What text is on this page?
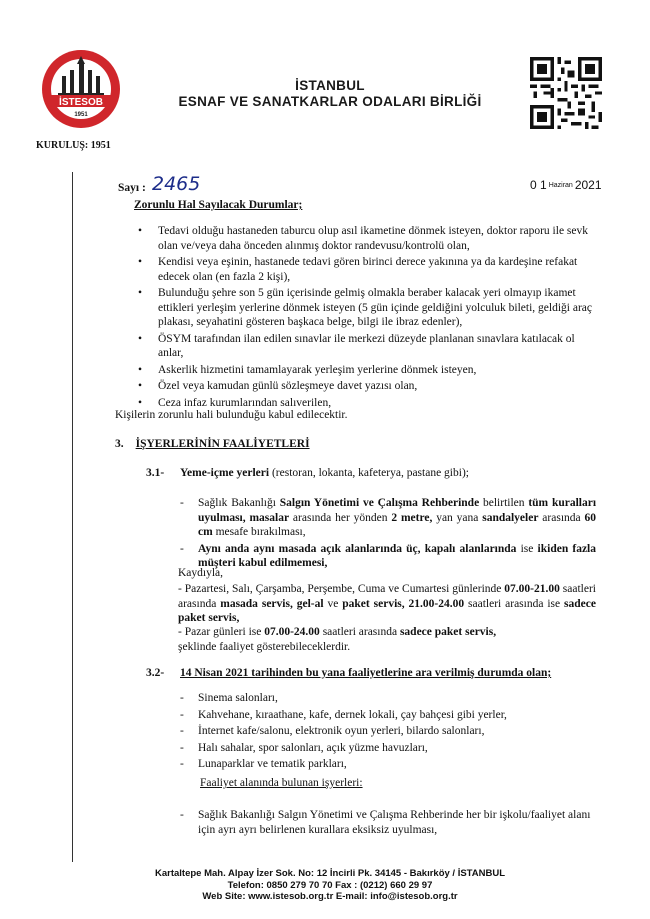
İSTESOB
1951
KURULUŞ: 1951
İSTANBUL
ESNAF VE SANATKARLAR ODALARI BİRLİĞİ
Sayı : 2465	0 1 Haziran 2021
Zorunlu Hal Sayılacak Durumlar;
• Tedavi olduğu hastaneden taburcu olup asıl ikametine dönmek isteyen, doktor raporu ile sevk olan ve/veya daha önceden alınmış doktor randevusu/kontrolü olan,
• Kendisi veya eşinin, hastanede tedavi gören birinci derece yakınına ya da kardeşine refakat edecek olan (en fazla 2 kişi),
• Bulunduğu şehre son 5 gün içerisinde gelmiş olmakla beraber kalacak yeri olmayıp ikamet ettikleri yerleşim yerlerine dönmek isteyen (5 gün içinde geldiğini yolculuk bileti, geldiği araç plakası, seyahatini gösteren başkaca belge, bilgi ile ibraz edenler),
• ÖSYM tarafından ilan edilen sınavlar ile merkezi düzeyde planlanan sınavlara katılacak ol anlar,
• Askerlik hizmetini tamamlayarak yerleşim yerlerine dönmek isteyen,
• Özel veya kamudan günlü sözleşmeye davet yazısı olan,
• Ceza infaz kurumlarından salıverilen,
Kişilerin zorunlu hali bulunduğu kabul edilecektir.
3. İŞYERLERİNİN FAALİYETLERİ
3.1- Yeme-içme yerleri (restoran, lokanta, kafeterya, pastane gibi);
- Sağlık Bakanlığı Salgın Yönetimi ve Çalışma Rehberinde belirtilen tüm kuralları uyulması, masalar arasında her yönden 2 metre, yan yana sandalyeler arasında 60 cm mesafe bırakılması,
- Aynı anda aynı masada açık alanlarında üç, kapalı alanlarında ise ikiden fazla müşteri kabul edilmemesi,
Kaydıyla,
- Pazartesi, Salı, Çarşamba, Perşembe, Cuma ve Cumartesi günlerinde 07.00-21.00 saatleri arasında masada servis, gel-al ve paket servis, 21.00-24.00 saatleri arasında ise sadece paket servis,
- Pazar günleri ise 07.00-24.00 saatleri arasında sadece paket servis,
şeklinde faaliyet gösterebileceklerdir.
3.2- 14 Nisan 2021 tarihinden bu yana faaliyetlerine ara verilmiş durumda olan;
- Sinema salonları,
- Kahvehane, kıraathane, kafe, dernek lokali, çay bahçesi gibi yerler,
- İnternet kafe/salonu, elektronik oyun yerleri, bilardo salonları,
- Halı sahalar, spor salonları, açık yüzme havuzları,
- Lunaparklar ve tematik parkları,
Faaliyet alanında bulunan işyerleri:
- Sağlık Bakanlığı Salgın Yönetimi ve Çalışma Rehberinde her bir işkolu/faaliyet alanı için ayrı ayrı belirlenen kurallara eksiksiz uyulması,
Kartaltepe Mah. Alpay İzer Sok. No: 12 İncirli Pk. 34145 - Bakırköy / İSTANBUL
Telefon: 0850 279 70 70 Fax : (0212) 660 29 97
Web Site: www.istesob.org.tr E-mail: info@istesob.org.tr
